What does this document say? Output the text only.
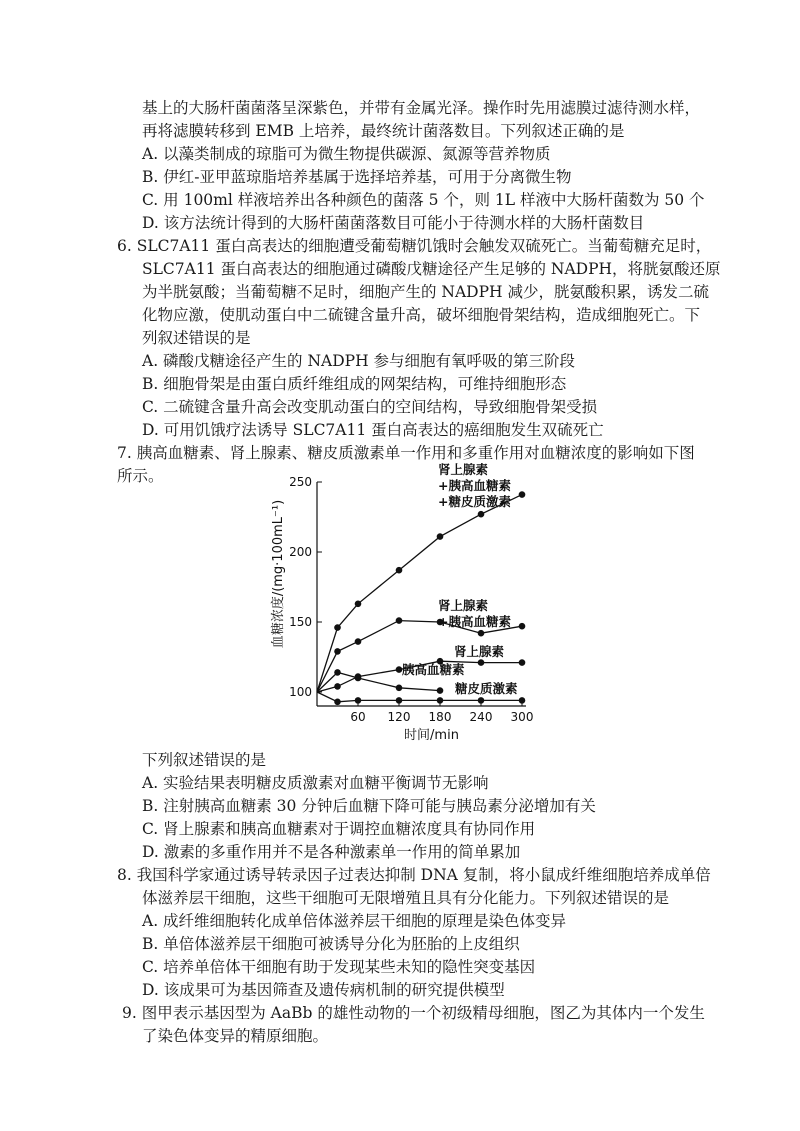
基上的大肠杆菌菌落呈深紫色，并带有金属光泽。操作时先用滤膜过滤待测水样，
再将滤膜转移到 EMB 上培养，最终统计菌落数目。下列叙述正确的是
A. 以藻类制成的琼脂可为微生物提供碳源、氮源等营养物质
B. 伊红-亚甲蓝琼脂培养基属于选择培养基，可用于分离微生物
C. 用 100ml 样液培养出各种颜色的菌落 5 个，则 1L 样液中大肠杆菌数为 50 个
D. 该方法统计得到的大肠杆菌菌落数目可能小于待测水样的大肠杆菌数目
6. SLC7A11 蛋白高表达的细胞遭受葡萄糖饥饿时会触发双硫死亡。当葡萄糖充足时，
SLC7A11 蛋白高表达的细胞通过磷酸戊糖途径产生足够的 NADPH，将胱氨酸还原
为半胱氨酸；当葡萄糖不足时，细胞产生的 NADPH 减少，胱氨酸积累，诱发二硫
化物应激，使肌动蛋白中二硫键含量升高，破坏细胞骨架结构，造成细胞死亡。下
列叙述错误的是
A. 磷酸戊糖途径产生的 NADPH 参与细胞有氧呼吸的第三阶段
B. 细胞骨架是由蛋白质纤维组成的网架结构，可维持细胞形态
C. 二硫键含量升高会改变肌动蛋白的空间结构，导致细胞骨架受损
D. 可用饥饿疗法诱导 SLC7A11 蛋白高表达的癌细胞发生双硫死亡
7. 胰高血糖素、肾上腺素、糖皮质激素单一作用和多重作用对血糖浓度的影响如下图
所示。
下列叙述错误的是
A. 实验结果表明糖皮质激素对血糖平衡调节无影响
B. 注射胰高血糖素 30 分钟后血糖下降可能与胰岛素分泌增加有关
C. 肾上腺素和胰高血糖素对于调控血糖浓度具有协同作用
D. 激素的多重作用并不是各种激素单一作用的简单累加
8. 我国科学家通过诱导转录因子过表达抑制 DNA 复制，将小鼠成纤维细胞培养成单倍
体滋养层干细胞，这些干细胞可无限增殖且具有分化能力。下列叙述错误的是
A. 成纤维细胞转化成单倍体滋养层干细胞的原理是染色体变异
B. 单倍体滋养层干细胞可被诱导分化为胚胎的上皮组织
C. 培养单倍体干细胞有助于发现某些未知的隐性突变基因
D. 该成果可为基因筛查及遗传病机制的研究提供模型
9. 图甲表示基因型为 AaBb 的雄性动物的一个初级精母细胞，图乙为其体内一个发生
了染色体变异的精原细胞。
100
150
200
250
60 120 180 240 300
时间/min
血糖浓度/(mg·100mL⁻¹)
肾上腺素
+胰高血糖素
+糖皮质激素
肾上腺素
+胰高血糖素
肾上腺素
胰高血糖素
糖皮质激素
